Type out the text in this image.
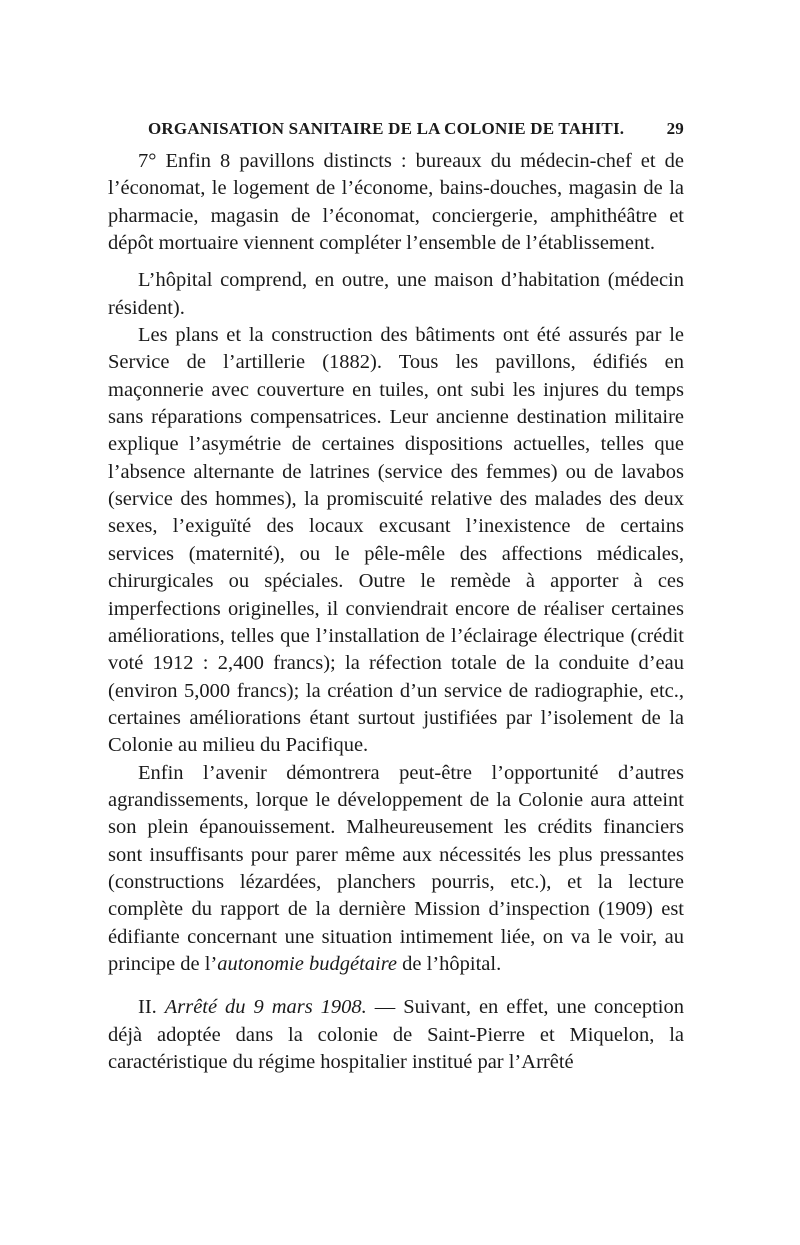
ORGANISATION SANITAIRE DE LA COLONIE DE TAHITI. 29

7° Enfin 8 pavillons distincts : bureaux du médecin-chef et de l’économat, le logement de l’économe, bains-douches, magasin de la pharmacie, magasin de l’économat, conciergerie, amphithéâtre et dépôt mortuaire viennent compléter l’ensemble de l’établissement.

L’hôpital comprend, en outre, une maison d’habitation (médecin résident).

Les plans et la construction des bâtiments ont été assurés par le Service de l’artillerie (1882). Tous les pavillons, édifiés en maçonnerie avec couverture en tuiles, ont subi les injures du temps sans réparations compensatrices. Leur ancienne destination militaire explique l’asymétrie de certaines dispositions actuelles, telles que l’absence alternante de latrines (service des femmes) ou de lavabos (service des hommes), la promiscuité relative des malades des deux sexes, l’exiguïté des locaux excusant l’inexistence de certains services (maternité), ou le pêle-mêle des affections médicales, chirurgicales ou spéciales. Outre le remède à apporter à ces imperfections originelles, il conviendrait encore de réaliser certaines améliorations, telles que l’installation de l’éclairage électrique (crédit voté 1912 : 2,400 francs); la réfection totale de la conduite d’eau (environ 5,000 francs); la création d’un service de radiographie, etc., certaines améliorations étant surtout justifiées par l’isolement de la Colonie au milieu du Pacifique.

Enfin l’avenir démontrera peut-être l’opportunité d’autres agrandissements, lorque le développement de la Colonie aura atteint son plein épanouissement. Malheureusement les crédits financiers sont insuffisants pour parer même aux nécessités les plus pressantes (constructions lézardées, planchers pourris, etc.), et la lecture complète du rapport de la dernière Mission d’inspection (1909) est édifiante concernant une situation intimement liée, on va le voir, au principe de l’autonomie budgétaire de l’hôpital.

II. Arrêté du 9 mars 1908. — Suivant, en effet, une conception déjà adoptée dans la colonie de Saint-Pierre et Miquelon, la caractéristique du régime hospitalier institué par l’Arrêté
